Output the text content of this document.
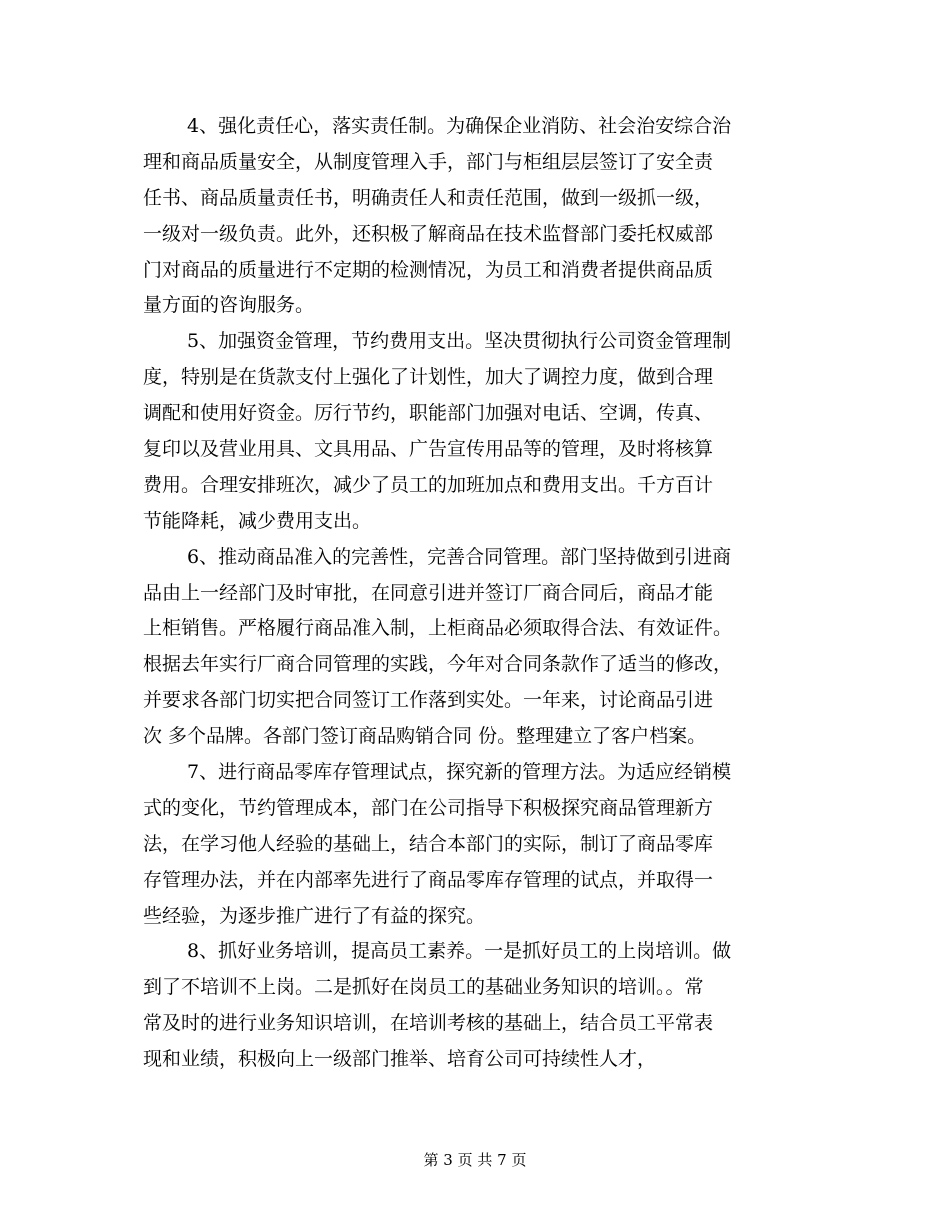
4、强化责任心，落实责任制。为确保企业消防、社会治安综合治
理和商品质量安全，从制度管理入手，部门与柜组层层签订了安全责
任书、商品质量责任书，明确责任人和责任范围，做到一级抓一级，
一级对一级负责。此外，还积极了解商品在技术监督部门委托权威部
门对商品的质量进行不定期的检测情况，为员工和消费者提供商品质
量方面的咨询服务。
5、加强资金管理，节约费用支出。坚决贯彻执行公司资金管理制
度，特别是在货款支付上强化了计划性，加大了调控力度，做到合理
调配和使用好资金。厉行节约，职能部门加强对电话、空调，传真、
复印以及营业用具、文具用品、广告宣传用品等的管理，及时将核算
费用。合理安排班次，减少了员工的加班加点和费用支出。千方百计
节能降耗，减少费用支出。
6、推动商品准入的完善性，完善合同管理。部门坚持做到引进商
品由上一经部门及时审批，在同意引进并签订厂商合同后，商品才能
上柜销售。严格履行商品准入制，上柜商品必须取得合法、有效证件。
根据去年实行厂商合同管理的实践，今年对合同条款作了适当的修改，
并要求各部门切实把合同签订工作落到实处。一年来，讨论商品引进
次 多个品牌。各部门签订商品购销合同 份。整理建立了客户档案。
7、进行商品零库存管理试点，探究新的管理方法。为适应经销模
式的变化，节约管理成本，部门在公司指导下积极探究商品管理新方
法，在学习他人经验的基础上，结合本部门的实际，制订了商品零库
存管理办法，并在内部率先进行了商品零库存管理的试点，并取得一
些经验，为逐步推广进行了有益的探究。
8、抓好业务培训，提高员工素养。一是抓好员工的上岗培训。做
到了不培训不上岗。二是抓好在岗员工的基础业务知识的培训。。常
常及时的进行业务知识培训，在培训考核的基础上，结合员工平常表
现和业绩，积极向上一级部门推举、培育公司可持续性人才，
第 3 页 共 7 页
